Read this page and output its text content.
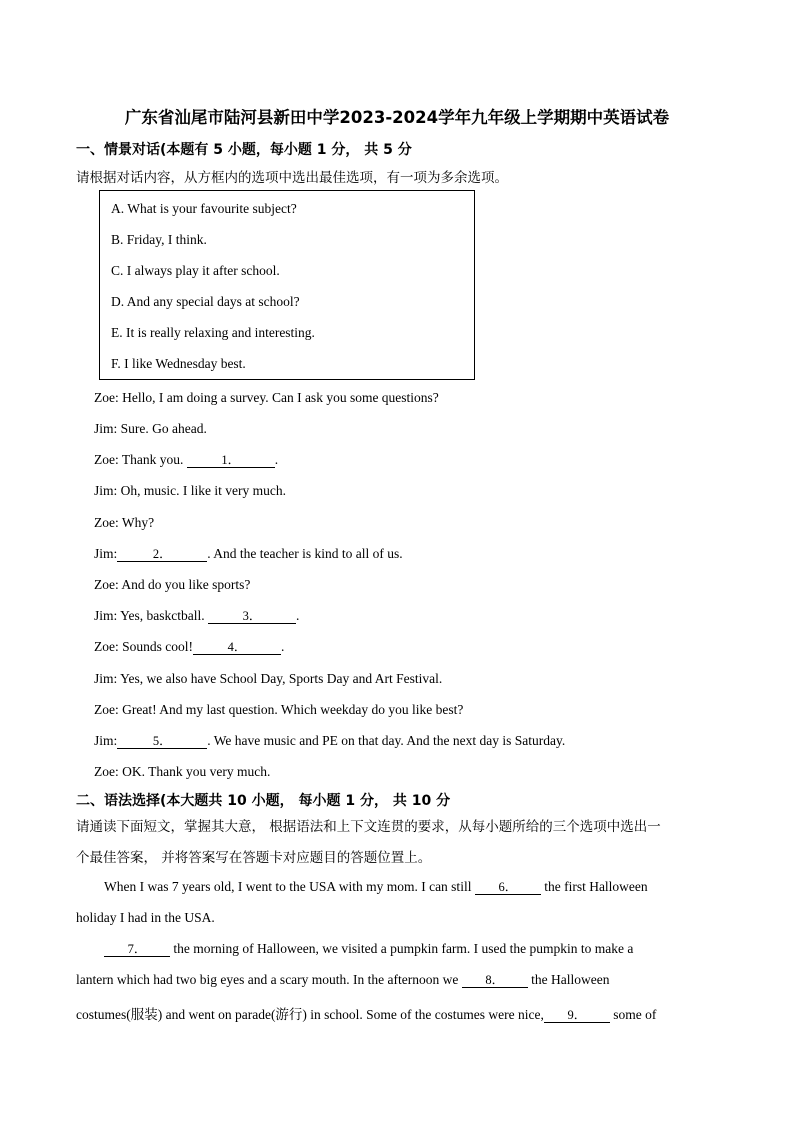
广东省汕尾市陆河县新田中学2023-2024学年九年级上学期期中英语试卷
一、情景对话(本题有 5 小题，每小题 1 分， 共 5 分
请根据对话内容，从方框内的选项中选出最佳选项，有一项为多余选项。
A. What is your favourite subject?
B. Friday, I think.
C. I always play it after school.
D. And any special days at school?
E. It is really relaxing and interesting.
F. I like Wednesday best.
Zoe: Hello, I am doing a survey. Can I ask you some questions?
Jim: Sure. Go ahead.
Zoe: Thank you.	1．	.
Jim: Oh, music. I like it very much.
Zoe: Why?
Jim:	2．	. And the teacher is kind to all of us.
Zoe: And do you like sports?
Jim: Yes, baskctball.	3．	.
Zoe: Sounds cool!	4．	.
Jim: Yes, we also have School Day, Sports Day and Art Festival.
Zoe: Great! And my last question. Which weekday do you like best?
Jim:	5．	. We have music and PE on that day. And the next day is Saturday.
Zoe: OK. Thank you very much.
二、语法选择(本大题共 10 小题， 每小题 1 分， 共 10 分
请通读下面短文，掌握其大意， 根据语法和上下文连贯的要求，从每小题所给的三个选项中选出一
个最佳答案， 并将答案写在答题卡对应题目的答题位置上。
When I was 7 years old, I went to the USA with my mom. I can still 6． the first Halloween
holiday I had in the USA.
7． the morning of Halloween, we visited a pumpkin farm. I used the pumpkin to make a
lantern which had two big eyes and a scary mouth. In the afternoon we 8． the Halloween
costumes(服装) and went on parade(游行) in school. Some of the costumes were nice, 9． some of
